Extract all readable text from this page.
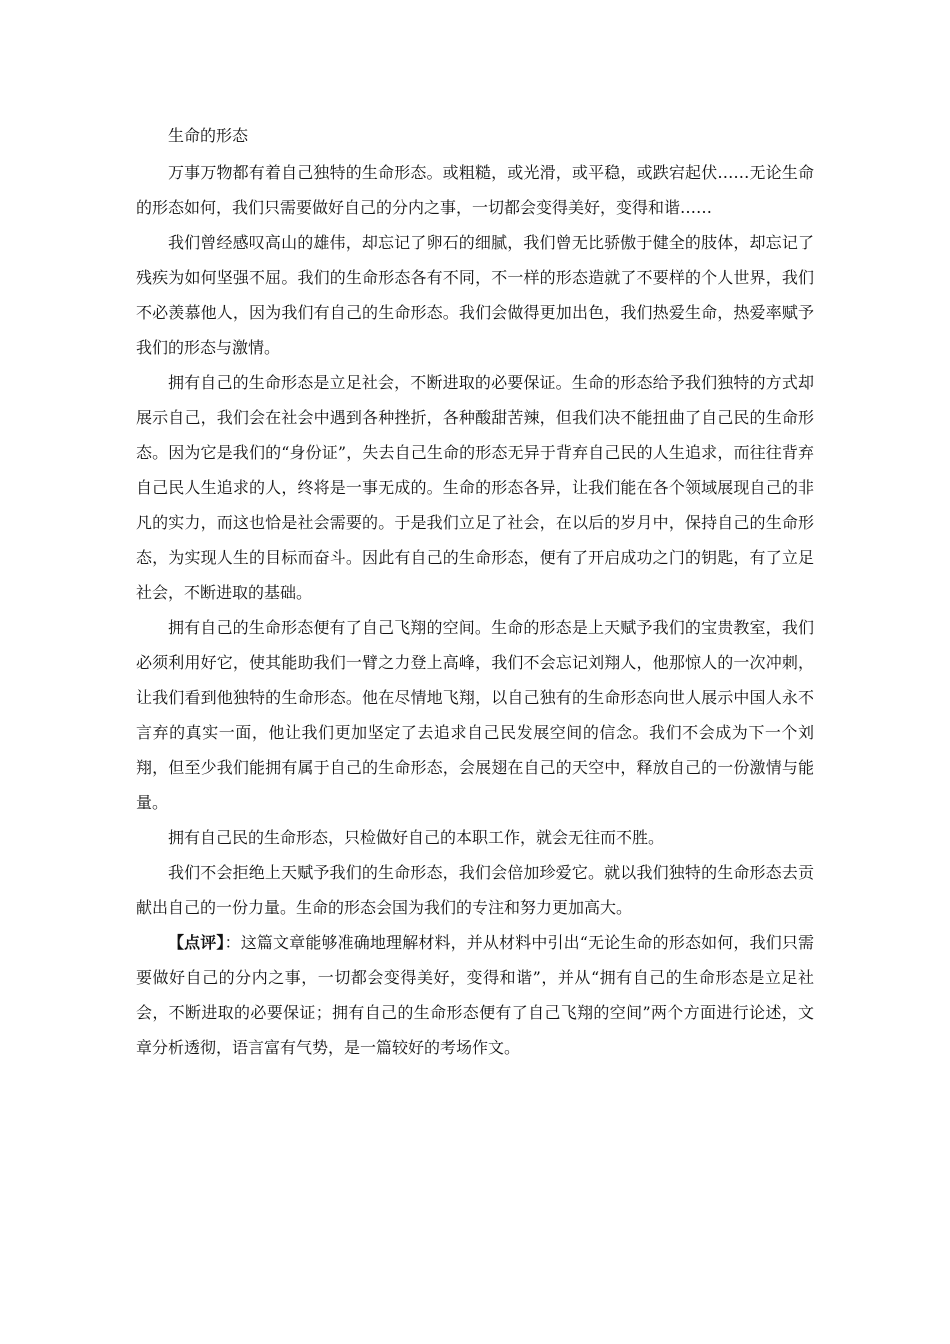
生命的形态

万事万物都有着自己独特的生命形态。或粗糙，或光滑，或平稳，或跌宕起伏……无论生命的形态如何，我们只需要做好自己的分内之事，一切都会变得美好，变得和谐……

我们曾经感叹高山的雄伟，却忘记了卵石的细腻，我们曾无比骄傲于健全的肢体，却忘记了残疾为如何坚强不屈。我们的生命形态各有不同，不一样的形态造就了不要样的个人世界，我们不必羡慕他人，因为我们有自己的生命形态。我们会做得更加出色，我们热爱生命，热爱率赋予我们的形态与激情。

拥有自己的生命形态是立足社会，不断进取的必要保证。生命的形态给予我们独特的方式却展示自己，我们会在社会中遇到各种挫折，各种酸甜苦辣，但我们决不能扭曲了自己民的生命形态。因为它是我们的“身份证”，失去自己生命的形态无异于背弃自己民的人生追求，而往往背弃自己民人生追求的人，终将是一事无成的。生命的形态各异，让我们能在各个领域展现自己的非凡的实力，而这也恰是社会需要的。于是我们立足了社会，在以后的岁月中，保持自己的生命形态，为实现人生的目标而奋斗。因此有自己的生命形态，便有了开启成功之门的钥匙，有了立足社会，不断进取的基础。

拥有自己的生命形态便有了自己飞翔的空间。生命的形态是上天赋予我们的宝贵教室，我们必须利用好它，使其能助我们一臂之力登上高峰，我们不会忘记刘翔人，他那惊人的一次冲刺，让我们看到他独特的生命形态。他在尽情地飞翔，以自己独有的生命形态向世人展示中国人永不言弃的真实一面，他让我们更加坚定了去追求自己民发展空间的信念。我们不会成为下一个刘翔，但至少我们能拥有属于自己的生命形态，会展翅在自己的天空中，释放自己的一份激情与能量。

拥有自己民的生命形态，只检做好自己的本职工作，就会无往而不胜。

我们不会拒绝上天赋予我们的生命形态，我们会倍加珍爱它。就以我们独特的生命形态去贡献出自己的一份力量。生命的形态会国为我们的专注和努力更加高大。

【点评】：这篇文章能够准确地理解材料，并从材料中引出“无论生命的形态如何，我们只需要做好自己的分内之事，一切都会变得美好，变得和谐”，并从“拥有自己的生命形态是立足社会，不断进取的必要保证；拥有自己的生命形态便有了自己飞翔的空间”两个方面进行论述，文章分析透彻，语言富有气势，是一篇较好的考场作文。
